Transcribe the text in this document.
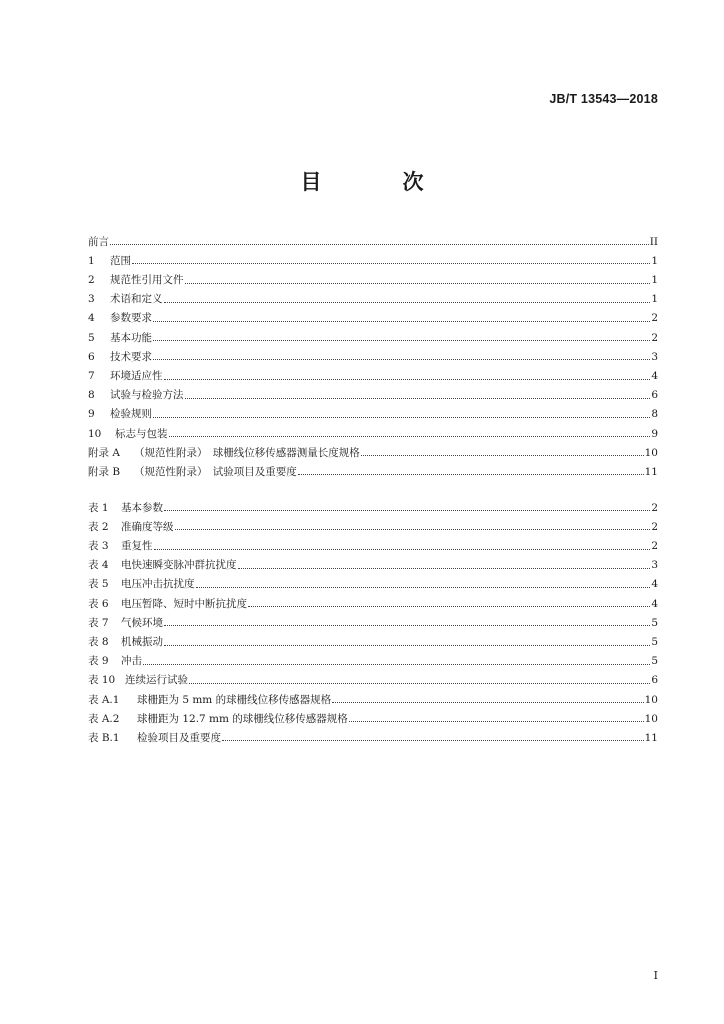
JB/T 13543—2018
目　次
前言	II
1 范围	1
2 规范性引用文件	1
3 术语和定义	1
4 参数要求	2
5 基本功能	2
6 技术要求	3
7 环境适应性	4
8 试验与检验方法	6
9 检验规则	8
10 标志与包装	9
附录 A （规范性附录）　球栅线位移传感器测量长度规格	10
附录 B （规范性附录）　试验项目及重要度	11
表 1 基本参数	2
表 2 准确度等级	2
表 3 重复性	2
表 4 电快速瞬变脉冲群抗扰度	3
表 5 电压冲击抗扰度	4
表 6 电压暂降、短时中断抗扰度	4
表 7 气候环境	5
表 8 机械振动	5
表 9 冲击	5
表 10 连续运行试验	6
表 A.1 球栅距为 5 mm 的球栅线位移传感器规格	10
表 A.2 球栅距为 12.7 mm 的球栅线位移传感器规格	10
表 B.1 检验项目及重要度	11
I
